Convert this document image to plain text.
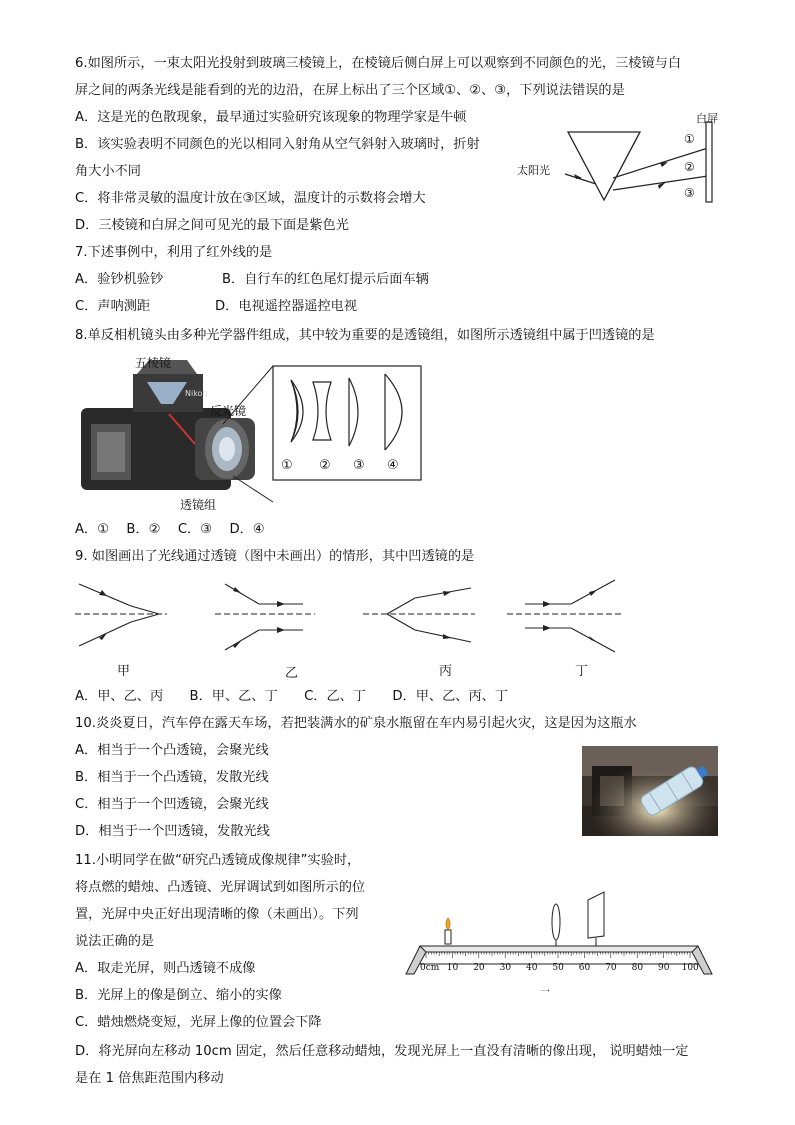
6.如图所示，一束太阳光投射到玻璃三棱镜上，在棱镜后侧白屏上可以观察到不同颜色的光，三棱镜与白
屏之间的两条光线是能看到的光的边沿，在屏上标出了三个区域①、②、③，下列说法错误的是
A．这是光的色散现象，最早通过实验研究该现象的物理学家是牛顿
B．该实验表明不同颜色的光以相同入射角从空气斜射入玻璃时，折射
角大小不同
C．将非常灵敏的温度计放在③区域，温度计的示数将会增大
D．三棱镜和白屏之间可见光的最下面是紫色光
白屏
太阳光
①
②
③
7.下述事例中，利用了红外线的是
A．验钞机验钞	B．自行车的红色尾灯提示后面车辆
C．声呐测距	D．电视遥控器遥控电视
8.单反相机镜头由多种光学器件组成，其中较为重要的是透镜组，如图所示透镜组中属于凹透镜的是
Nikon
五棱镜
反光镜
透镜组
① ② ③ ④
A．①　 B．②　 C．③　 D．④
9. 如图画出了光线通过透镜（图中未画出）的情形，其中凹透镜的是
甲	乙	丙	丁
A．甲、乙、丙　　B．甲、乙、丁　　C．乙、丁　　D．甲、乙、丙、丁
10.炎炎夏日，汽车停在露天车场，若把装满水的矿泉水瓶留在车内易引起火灾，这是因为这瓶水
A．相当于一个凸透镜，会聚光线
B．相当于一个凸透镜，发散光线
C．相当于一个凹透镜，会聚光线
D．相当于一个凹透镜，发散光线
11.小明同学在做“研究凸透镜成像规律”实验时，
将点燃的蜡烛、凸透镜、光屏调试到如图所示的位
置，光屏中央正好出现清晰的像（未画出）。下列
说法正确的是
A．取走光屏，则凸透镜不成像
B．光屏上的像是倒立、缩小的实像
C．蜡烛燃烧变短，光屏上像的位置会下降
D．将光屏向左移动 10cm 固定，然后任意移动蜡烛，发现光屏上一直没有清晰的像出现， 说明蜡烛一定
是在 1 倍焦距范围内移动
0cm 10 20 30 40 50 60 70 80 90 100
乛
